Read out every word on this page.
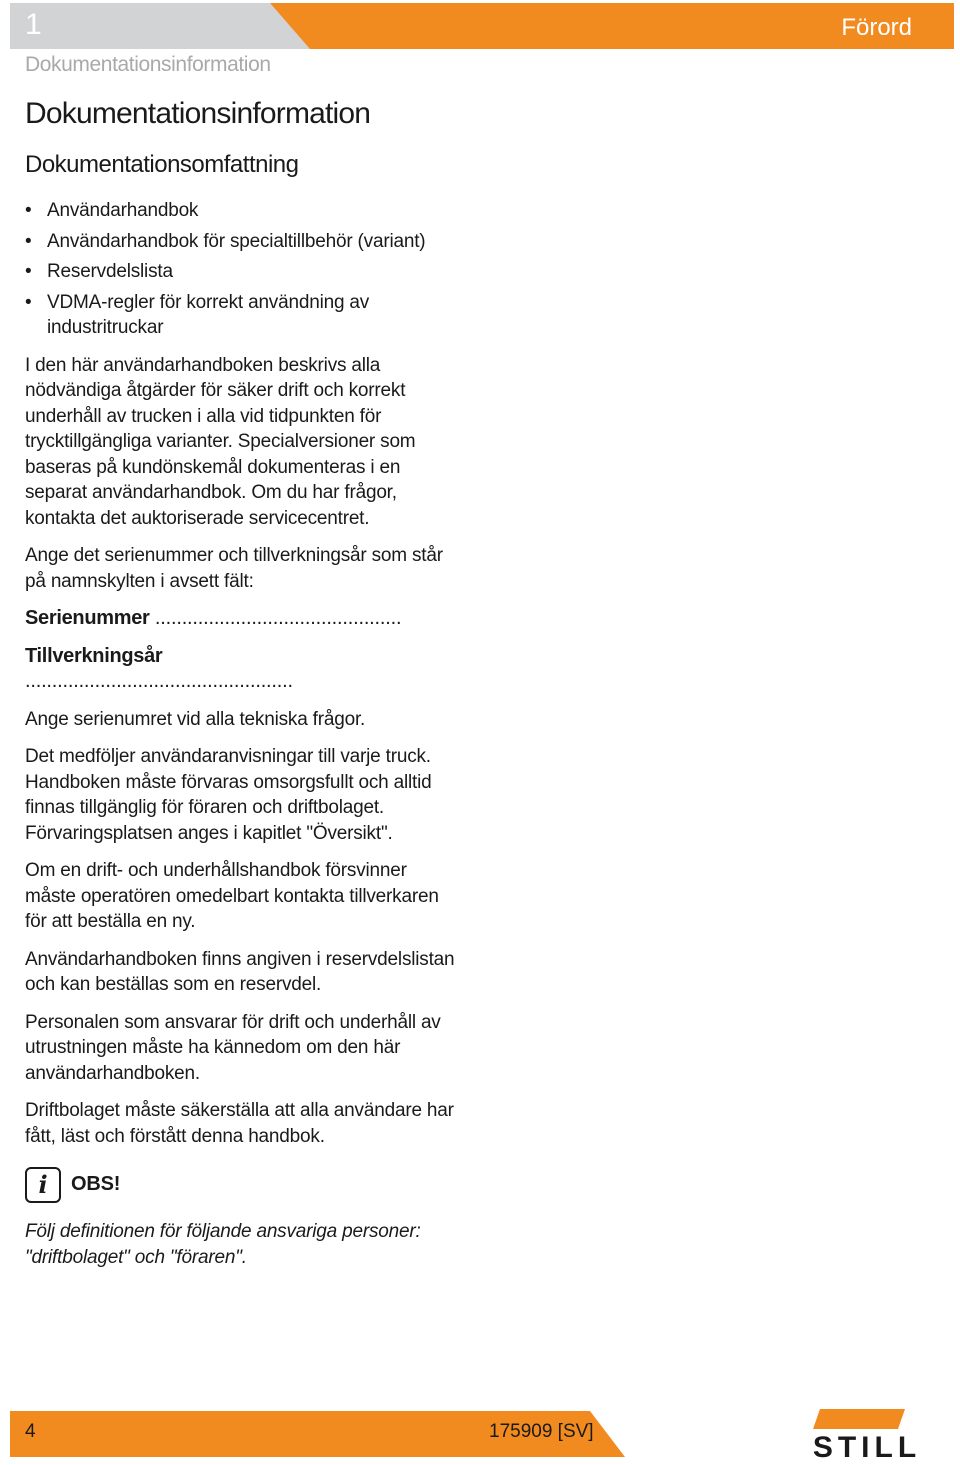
1	Förord
Dokumentationsinformation
Dokumentationsinformation
Dokumentationsomfattning
• Användarhandbok
• Användarhandbok för specialtillbehör (variant)
• Reservdelslista
• VDMA-regler för korrekt användning av industritruckar

I den här användarhandboken beskrivs alla nödvändiga åtgärder för säker drift och korrekt underhåll av trucken i alla vid tidpunkten för trycktillgängliga varianter. Specialversioner som baseras på kundönskemål dokumenteras i en separat användarhandbok. Om du har frågor, kontakta det auktoriserade servicecentret.

Ange det serienummer och tillverkningsår som står på namnskylten i avsett fält:

Serienummer ..............................................
Tillverkningsår
..................................................

Ange serienumret vid alla tekniska frågor.

Det medföljer användaranvisningar till varje truck. Handboken måste förvaras omsorgsfullt och alltid finnas tillgänglig för föraren och driftbolaget. Förvaringsplatsen anges i kapitlet "Översikt".

Om en drift- och underhållshandbok försvinner måste operatören omedelbart kontakta tillverkaren för att beställa en ny.

Användarhandboken finns angiven i reservdelslistan och kan beställas som en reservdel.

Personalen som ansvarar för drift och underhåll av utrustningen måste ha kännedom om den här användarhandboken.

Driftbolaget måste säkerställa att alla användare har fått, läst och förstått denna handbok.

i	OBS!

Följ definitionen för följande ansvariga personer: "driftbolaget" och "föraren".

4	175909 [SV]	STILL
